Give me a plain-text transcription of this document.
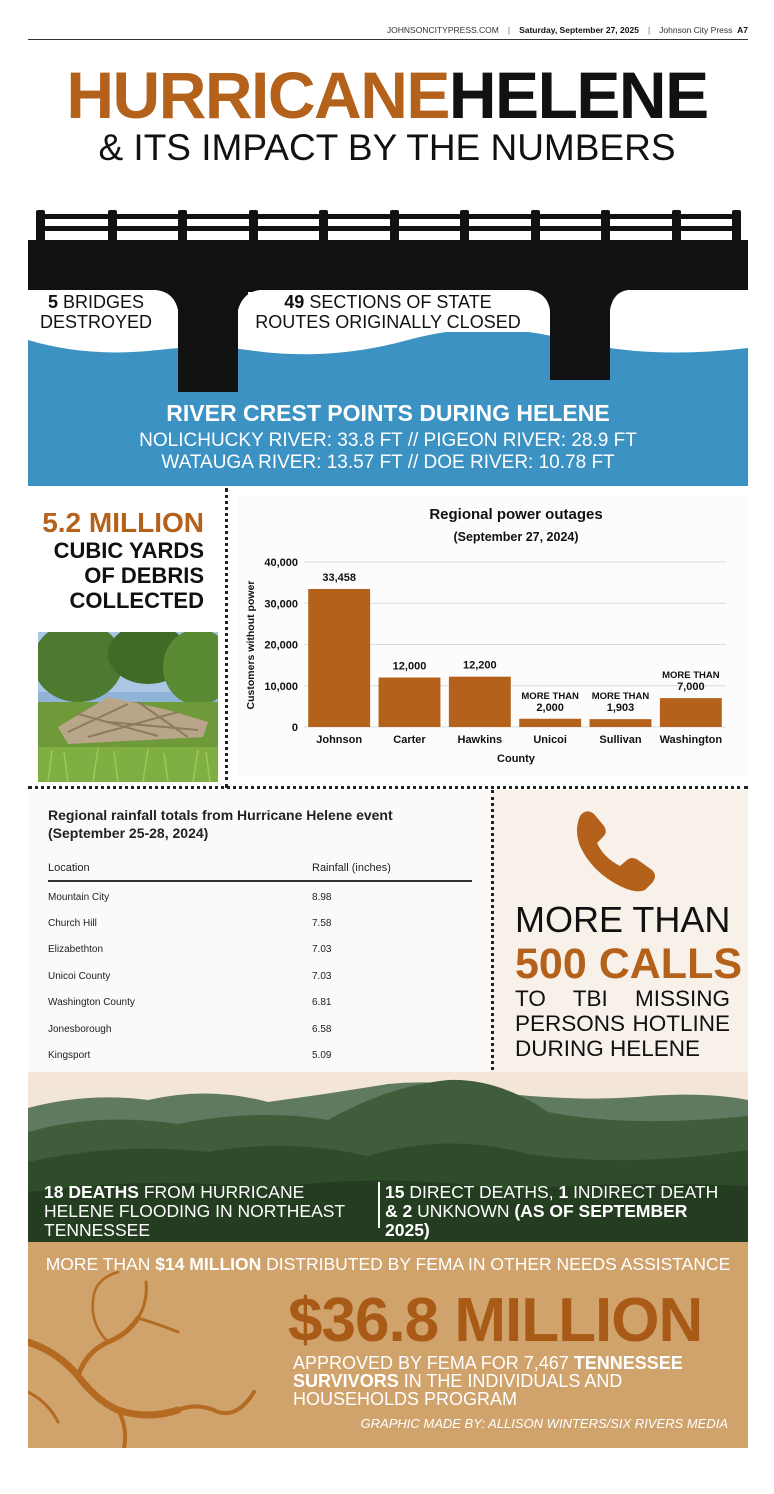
JOHNSONCITYPRESS.COM | Saturday, September 27, 2025 | Johnson City Press A7
HURRICANEHELENE
& ITS IMPACT BY THE NUMBERS
5 BRIDGES
DESTROYED
49 SECTIONS OF STATE
ROUTES ORIGINALLY CLOSED
RIVER CREST POINTS DURING HELENE
NOLICHUCKY RIVER: 33.8 FT // PIGEON RIVER: 28.9 FT
WATAUGA RIVER: 13.57 FT // DOE RIVER: 10.78 FT
5.2 MILLION
CUBIC YARDS
OF DEBRIS
COLLECTED
Regional power outages
(September 27, 2024)
Customers without power
County
0
10,000
20,000
30,000
40,000
Johnson
33,458
Carter
12,000
Hawkins
12,200
Unicoi
MORE THAN
2,000
Sullivan
MORE THAN
1,903
Washington
MORE THAN
7,000
Regional rainfall totals from Hurricane Helene event
(September 25-28, 2024)
Location	Rainfall (inches)
Mountain City	8.98
Church Hill	7.58
Elizabethton	7.03
Unicoi County	7.03
Washington County	6.81
Jonesborough	6.58
Kingsport	5.09
MORE THAN
500 CALLS
TO TBI MISSING PERSONS HOTLINE DURING HELENE
18 DEATHS FROM HURRICANE HELENE FLOODING IN NORTHEAST TENNESSEE
15 DIRECT DEATHS, 1 INDIRECT DEATH & 2 UNKNOWN (AS OF SEPTEMBER 2025)
MORE THAN $14 MILLION DISTRIBUTED BY FEMA IN OTHER NEEDS ASSISTANCE
$36.8 MILLION
APPROVED BY FEMA FOR 7,467 TENNESSEE SURVIVORS IN THE INDIVIDUALS AND HOUSEHOLDS PROGRAM
GRAPHIC MADE BY: ALLISON WINTERS/SIX RIVERS MEDIA
